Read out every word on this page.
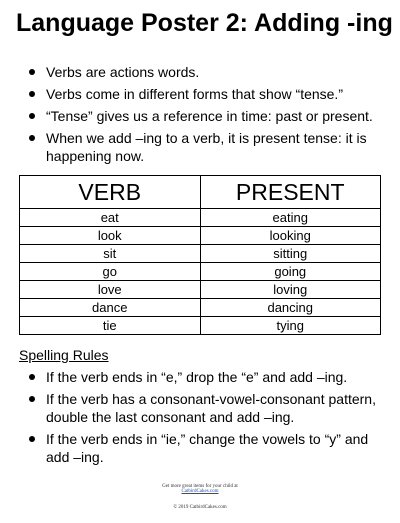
Language Poster 2: Adding -ing
Verbs are actions words.
Verbs come in different forms that show “tense.”
“Tense” gives us a reference in time: past or present.
When we add –ing to a verb, it is present tense: it is happening now.
VERB	PRESENT
eat	eating
look	looking
sit	sitting
go	going
love	loving
dance	dancing
tie	tying
Spelling Rules
If the verb ends in “e,” drop the “e” and add –ing.
If the verb has a consonant-vowel-consonant pattern, double the last consonant and add –ing.
If the verb ends in “ie,” change the vowels to “y” and add –ing.
Get more great items for your child at
CatbirdCakes.com
© 2019 CatbirdCakes.com
